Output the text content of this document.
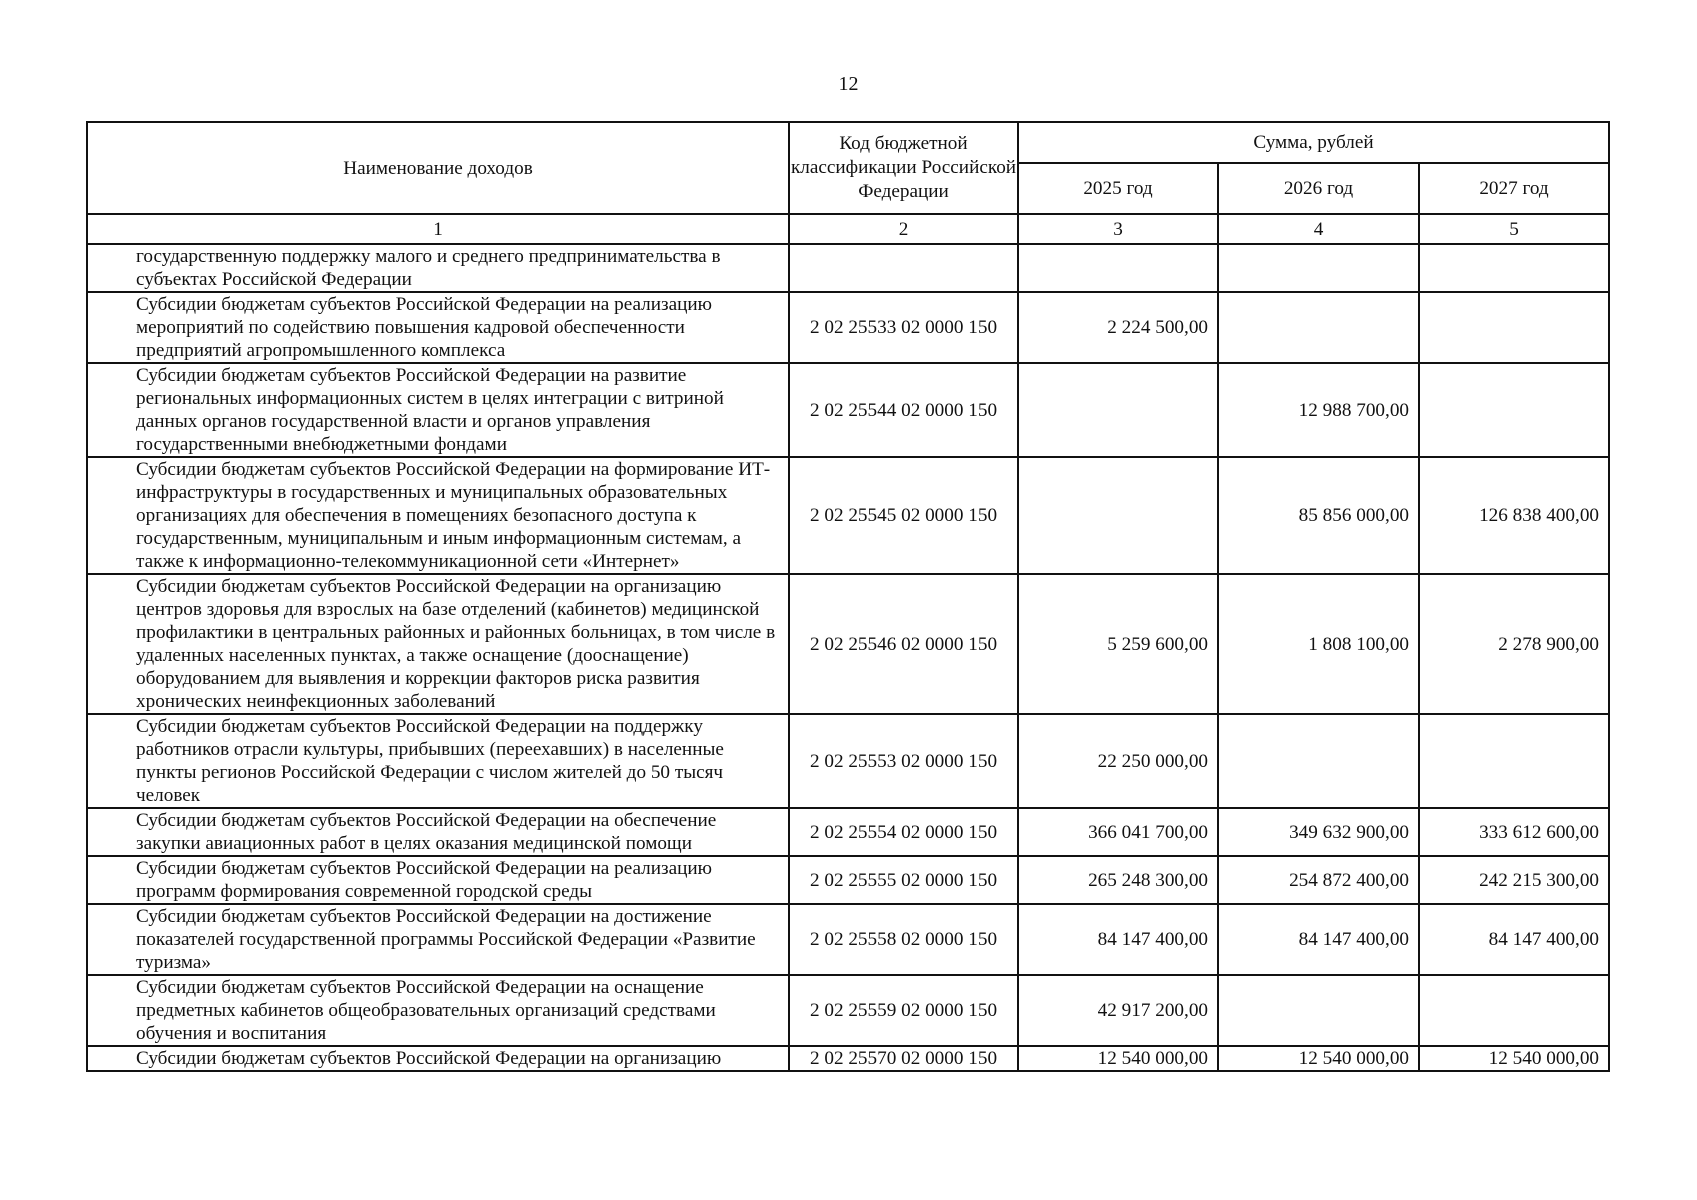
12
Наименование доходов	Код бюджетной классификации Российской Федерации	Сумма, рублей		
		2025 год	2026 год	2027 год
1	2	3	4	5
государственную поддержку малого и среднего предпринимательства в субъектах Российской Федерации				
Субсидии бюджетам субъектов Российской Федерации на реализацию мероприятий по содействию повышения кадровой обеспеченности предприятий агропромышленного комплекса	2 02 25533 02 0000 150	2 224 500,00		
Субсидии бюджетам субъектов Российской Федерации на развитие региональных информационных систем в целях интеграции с витриной данных органов государственной власти и органов управления государственными внебюджетными фондами	2 02 25544 02 0000 150		12 988 700,00	
Субсидии бюджетам субъектов Российской Федерации на формирование ИТ-инфраструктуры в государственных и муниципальных образовательных организациях для обеспечения в помещениях безопасного доступа к государственным, муниципальным и иным информационным системам, а также к информационно-телекоммуникационной сети «Интернет»	2 02 25545 02 0000 150		85 856 000,00	126 838 400,00
Субсидии бюджетам субъектов Российской Федерации на организацию центров здоровья для взрослых на базе отделений (кабинетов) медицинской профилактики в центральных районных и районных больницах, в том числе в удаленных населенных пунктах, а также оснащение (дооснащение) оборудованием для выявления и коррекции факторов риска развития хронических неинфекционных заболеваний	2 02 25546 02 0000 150	5 259 600,00	1 808 100,00	2 278 900,00
Субсидии бюджетам субъектов Российской Федерации на поддержку работников отрасли культуры, прибывших (переехавших) в населенные пункты регионов Российской Федерации с числом жителей до 50 тысяч человек	2 02 25553 02 0000 150	22 250 000,00		
Субсидии бюджетам субъектов Российской Федерации на обеспечение закупки авиационных работ в целях оказания медицинской помощи	2 02 25554 02 0000 150	366 041 700,00	349 632 900,00	333 612 600,00
Субсидии бюджетам субъектов Российской Федерации на реализацию программ формирования современной городской среды	2 02 25555 02 0000 150	265 248 300,00	254 872 400,00	242 215 300,00
Субсидии бюджетам субъектов Российской Федерации на достижение показателей государственной программы Российской Федерации «Развитие туризма»	2 02 25558 02 0000 150	84 147 400,00	84 147 400,00	84 147 400,00
Субсидии бюджетам субъектов Российской Федерации на оснащение предметных кабинетов общеобразовательных организаций средствами обучения и воспитания	2 02 25559 02 0000 150	42 917 200,00		
Субсидии бюджетам субъектов Российской Федерации на организацию	2 02 25570 02 0000 150	12 540 000,00	12 540 000,00	12 540 000,00
